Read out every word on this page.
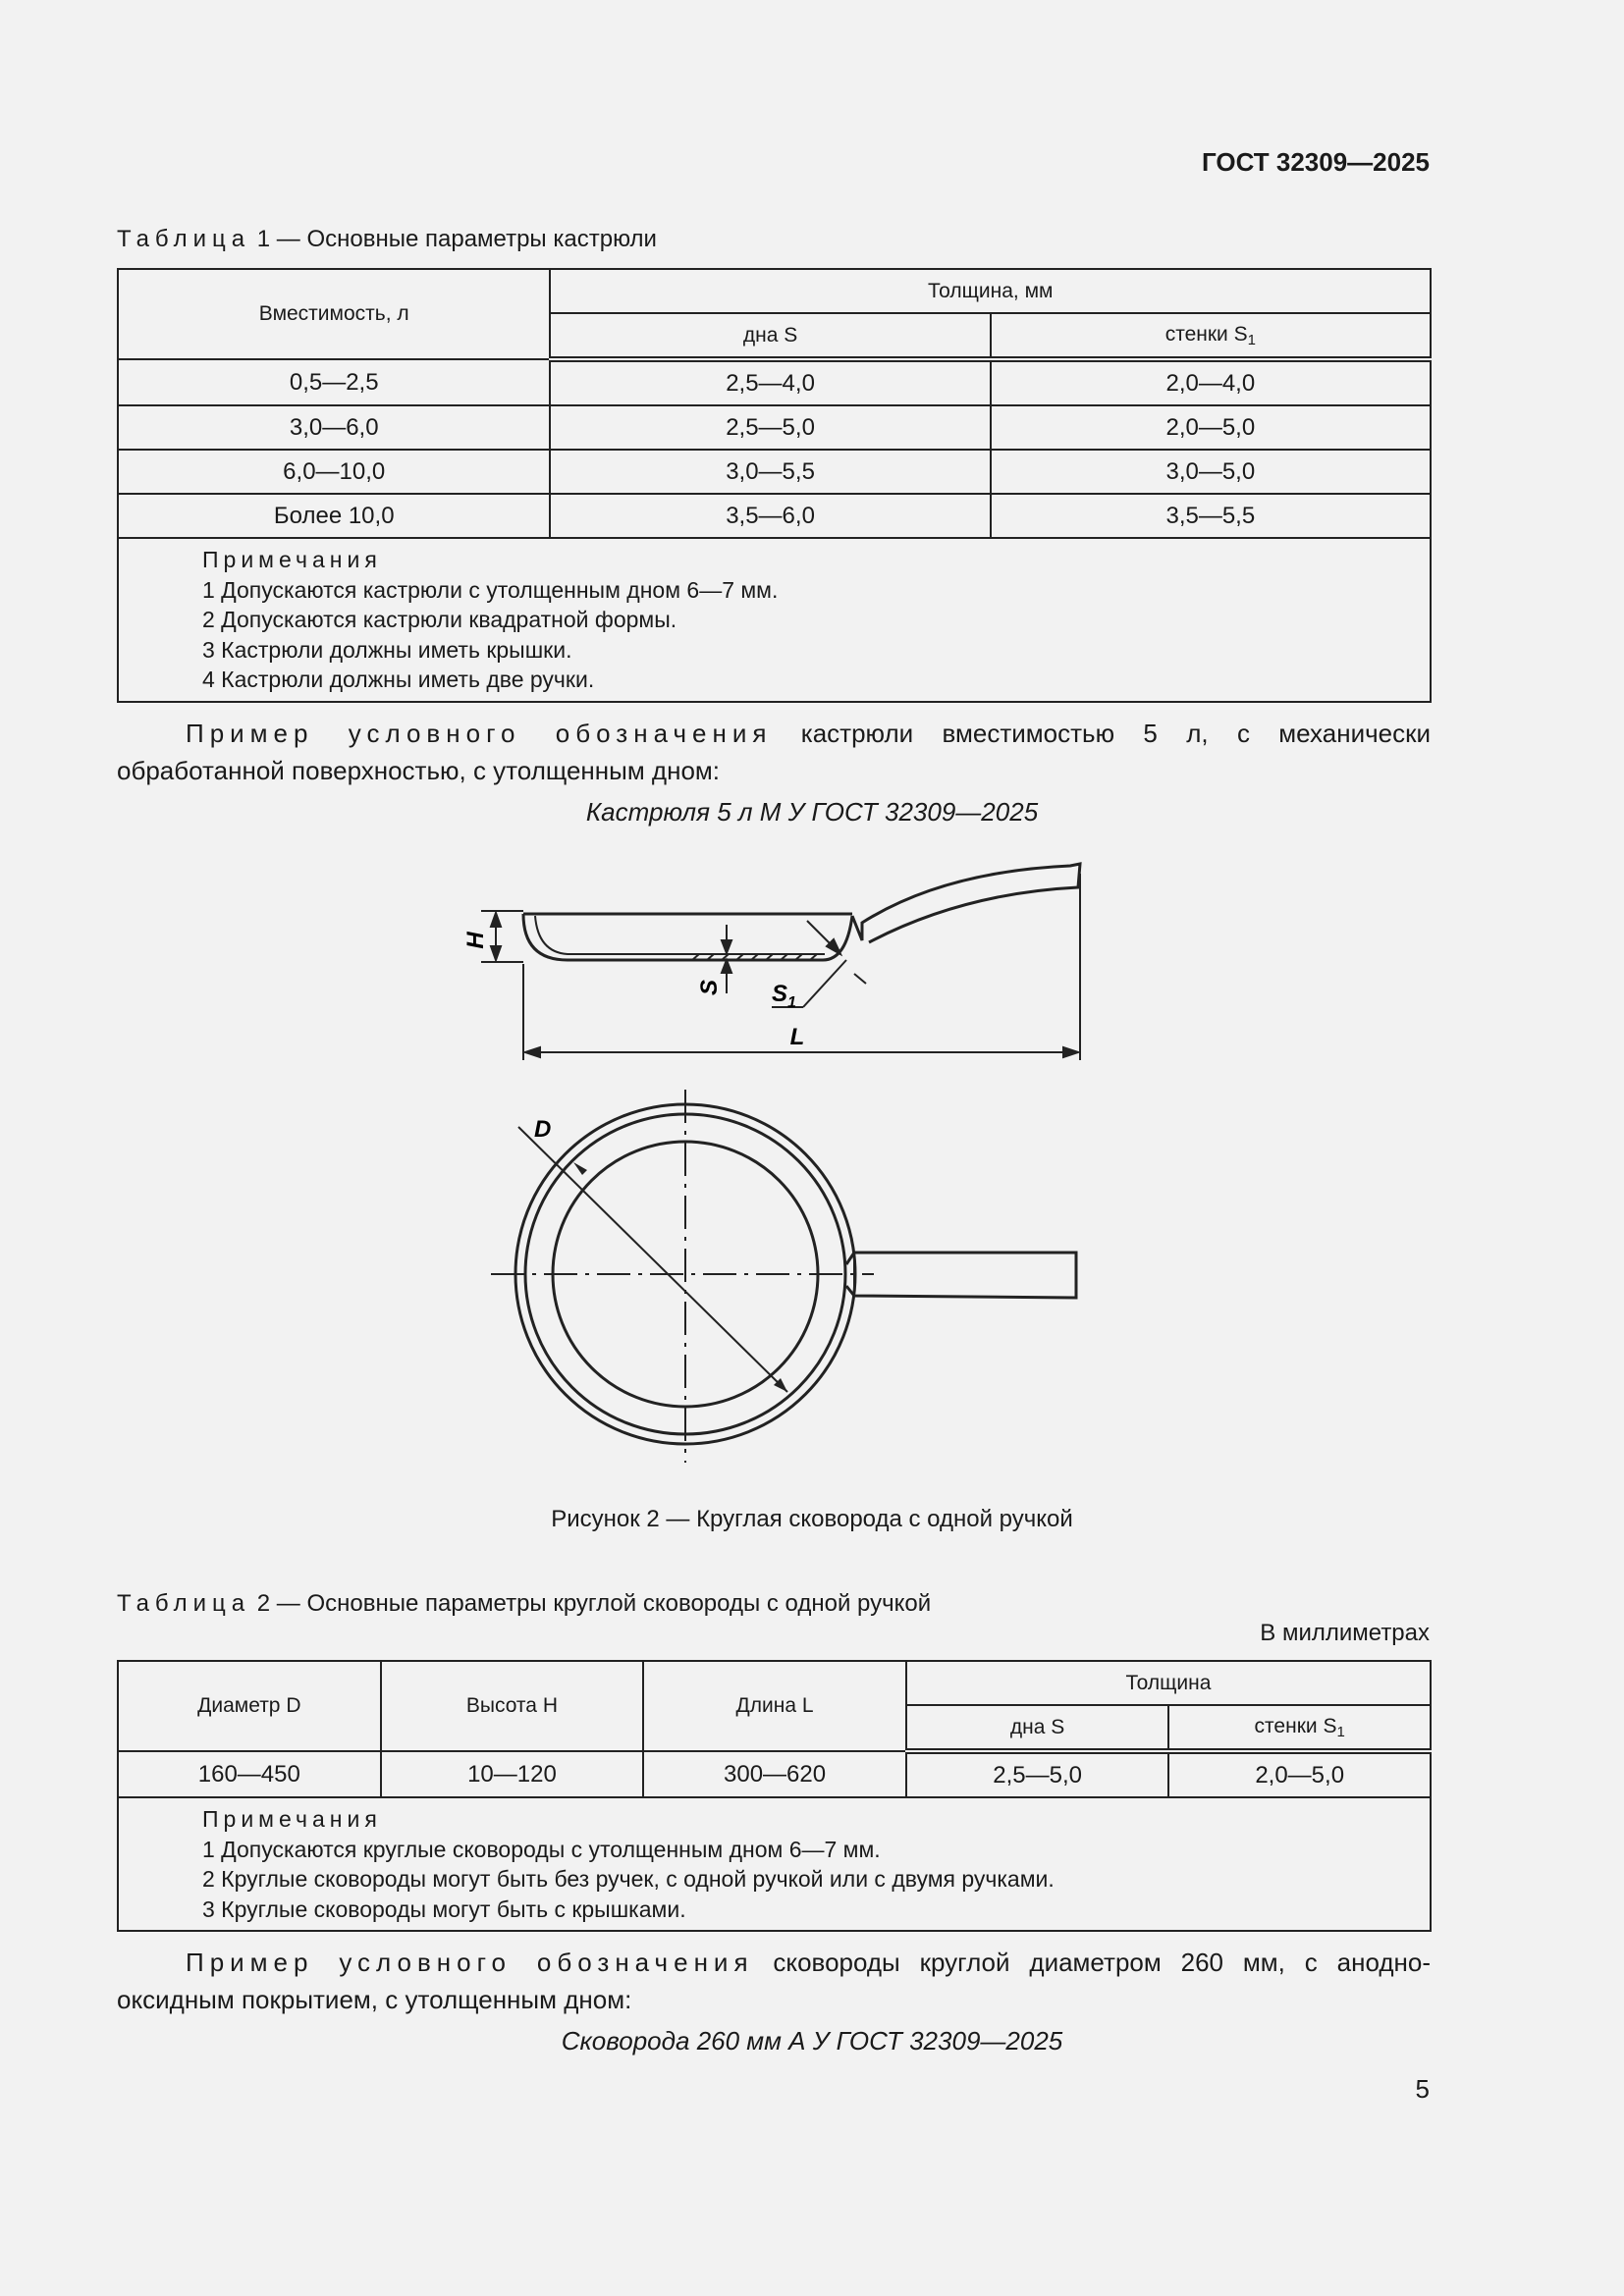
ГОСТ 32309—2025
Таблица 1 — Основные параметры кастрюли
Вместимость, л	Толщина, мм	
	дна S	стенки $S_1$
0,5—2,5	2,5—4,0	2,0—4,0
3,0—6,0	2,5—5,0	2,0—5,0
6,0—10,0	3,0—5,5	3,0—5,0
Более 10,0	3,5—6,0	3,5—5,5

Примечания
1 Допускаются кастрюли с утолщенным дном 6—7 мм.
2 Допускаются кастрюли квадратной формы.
3 Кастрюли должны иметь крышки.
4 Кастрюли должны иметь две ручки.		
Пример условного обозначения кастрюли вместимостью 5 л, с механически обработанной поверхностью, с утолщенным дном:
Кастрюля 5 л М У ГОСТ 32309—2025
H
S $S_1$
L
D
Рисунок 2 — Круглая сковорода с одной ручкой
Таблица 2 — Основные параметры круглой сковороды с одной ручкой
В миллиметрах
Диаметр D	Высота H	Длина L	Толщина	
			дна S	стенки $S_1$
160—450	10—120	300—620	2,5—5,0	2,0—5,0

Примечания
1 Допускаются круглые сковороды с утолщенным дном 6—7 мм.
2 Круглые сковороды могут быть без ручек, с одной ручкой или с двумя ручками.
3 Круглые сковороды могут быть с крышками.				
Пример условного обозначения сковороды круглой диаметром 260 мм, с анодно-оксидным покрытием, с утолщенным дном:
Сковорода 260 мм А У ГОСТ 32309—2025
5
